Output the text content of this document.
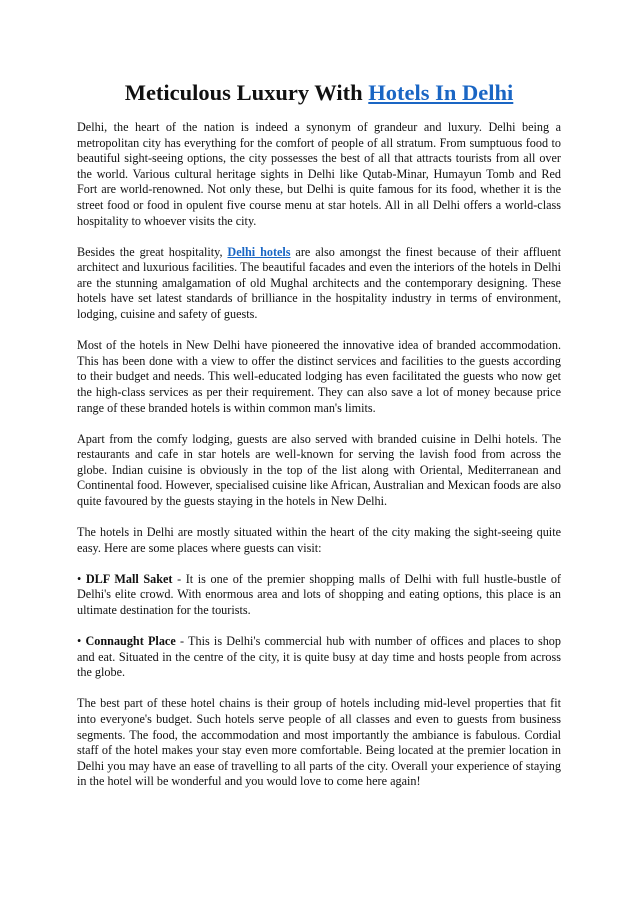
Meticulous Luxury With Hotels In Delhi

Delhi, the heart of the nation is indeed a synonym of grandeur and luxury. Delhi being a metropolitan city has everything for the comfort of people of all stratum. From sumptuous food to beautiful sight-seeing options, the city possesses the best of all that attracts tourists from all over the world. Various cultural heritage sights in Delhi like Qutab-Minar, Humayun Tomb and Red Fort are world-renowned. Not only these, but Delhi is quite famous for its food, whether it is the street food or food in opulent five course menu at star hotels. All in all Delhi offers a world-class hospitality to whoever visits the city.

Besides the great hospitality, Delhi hotels are also amongst the finest because of their affluent architect and luxurious facilities. The beautiful facades and even the interiors of the hotels in Delhi are the stunning amalgamation of old Mughal architects and the contemporary designing. These hotels have set latest standards of brilliance in the hospitality industry in terms of environment, lodging, cuisine and safety of guests.

Most of the hotels in New Delhi have pioneered the innovative idea of branded accommodation. This has been done with a view to offer the distinct services and facilities to the guests according to their budget and needs. This well-educated lodging has even facilitated the guests who now get the high-class services as per their requirement. They can also save a lot of money because price range of these branded hotels is within common man's limits.

Apart from the comfy lodging, guests are also served with branded cuisine in Delhi hotels. The restaurants and cafe in star hotels are well-known for serving the lavish food from across the globe. Indian cuisine is obviously in the top of the list along with Oriental, Mediterranean and Continental food. However, specialised cuisine like African, Australian and Mexican foods are also quite favoured by the guests staying in the hotels in New Delhi.

The hotels in Delhi are mostly situated within the heart of the city making the sight-seeing quite easy. Here are some places where guests can visit:

• DLF Mall Saket - It is one of the premier shopping malls of Delhi with full hustle-bustle of Delhi's elite crowd. With enormous area and lots of shopping and eating options, this place is an ultimate destination for the tourists.

• Connaught Place - This is Delhi's commercial hub with number of offices and places to shop and eat. Situated in the centre of the city, it is quite busy at day time and hosts people from across the globe.

The best part of these hotel chains is their group of hotels including mid-level properties that fit into everyone's budget. Such hotels serve people of all classes and even to guests from business segments. The food, the accommodation and most importantly the ambiance is fabulous. Cordial staff of the hotel makes your stay even more comfortable. Being located at the premier location in Delhi you may have an ease of travelling to all parts of the city. Overall your experience of staying in the hotel will be wonderful and you would love to come here again!
